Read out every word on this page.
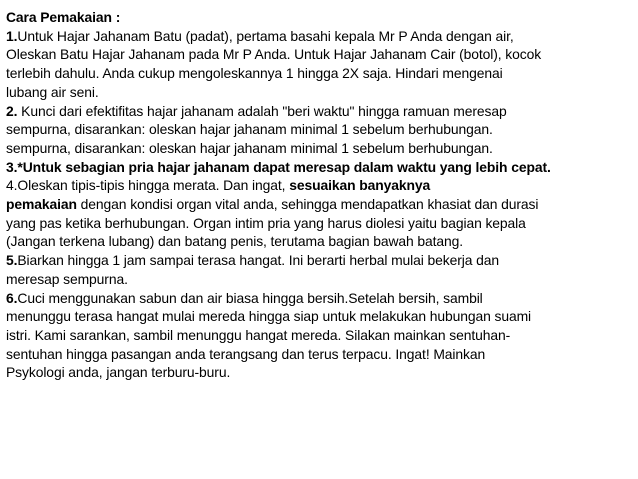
Cara Pemakaian :
1.Untuk Hajar Jahanam Batu (padat), pertama basahi kepala Mr P Anda dengan air,
Oleskan Batu Hajar Jahanam pada Mr P Anda. Untuk Hajar Jahanam Cair (botol), kocok
terlebih dahulu. Anda cukup mengoleskannya 1 hingga 2X saja. Hindari mengenai
lubang air seni.
2. Kunci dari efektifitas hajar jahanam adalah "beri waktu" hingga ramuan meresap
sempurna, disarankan: oleskan hajar jahanam minimal 1 sebelum berhubungan.
sempurna, disarankan: oleskan hajar jahanam minimal 1 sebelum berhubungan.
3.*Untuk sebagian pria hajar jahanam dapat meresap dalam waktu yang lebih cepat.
4.Oleskan tipis-tipis hingga merata. Dan ingat, sesuaikan banyaknya
pemakaian dengan kondisi organ vital anda, sehingga mendapatkan khasiat dan durasi
yang pas ketika berhubungan. Organ intim pria yang harus diolesi yaitu bagian kepala
(Jangan terkena lubang) dan batang penis, terutama bagian bawah batang.
5.Biarkan hingga 1 jam sampai terasa hangat. Ini berarti herbal mulai bekerja dan
meresap sempurna.
6.Cuci menggunakan sabun dan air biasa hingga bersih.Setelah bersih, sambil
menunggu terasa hangat mulai mereda hingga siap untuk melakukan hubungan suami
istri. Kami sarankan, sambil menunggu hangat mereda. Silakan mainkan sentuhan-
sentuhan hingga pasangan anda terangsang dan terus terpacu. Ingat! Mainkan
Psykologi anda, jangan terburu-buru.
